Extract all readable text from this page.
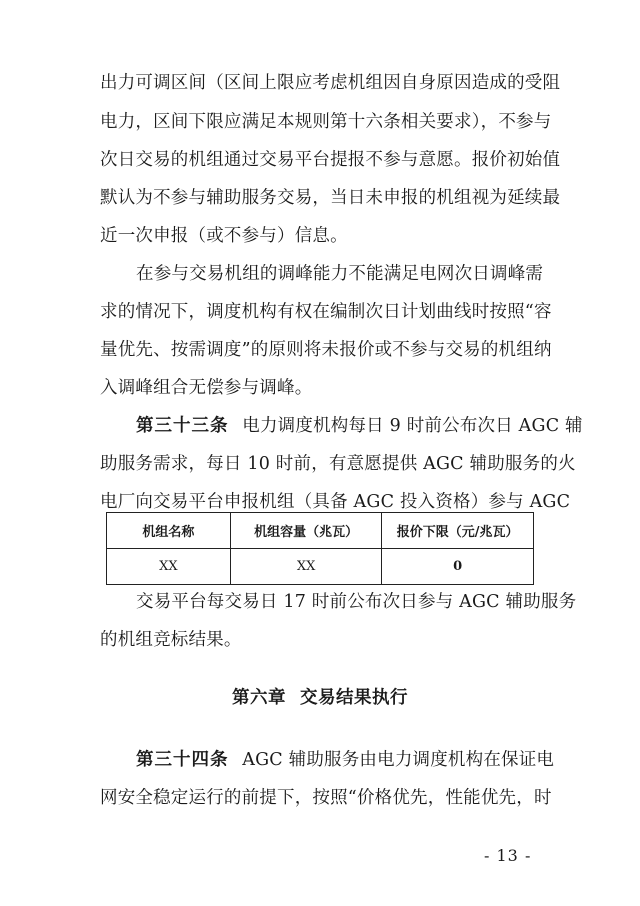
出力可调区间（区间上限应考虑机组因自身原因造成的受阻
电力，区间下限应满足本规则第十六条相关要求），不参与
次日交易的机组通过交易平台提报不参与意愿。报价初始值
默认为不参与辅助服务交易，当日未申报的机组视为延续最
近一次申报（或不参与）信息。
在参与交易机组的调峰能力不能满足电网次日调峰需
求的情况下，调度机构有权在编制次日计划曲线时按照“容
量优先、按需调度”的原则将未报价或不参与交易的机组纳
入调峰组合无偿参与调峰。
第三十三条 电力调度机构每日 9 时前公布次日 AGC 辅
助服务需求，每日 10 时前，有意愿提供 AGC 辅助服务的火
电厂向交易平台申报机组（具备 AGC 投入资格）参与 AGC
机组名称	机组容量（兆瓦）	报价下限（元/兆瓦）
XX	XX	0
交易平台每交易日 17 时前公布次日参与 AGC 辅助服务
的机组竞标结果。
第六章 交易结果执行
第三十四条 AGC 辅助服务由电力调度机构在保证电
网安全稳定运行的前提下，按照“价格优先，性能优先，时
- 13 -
